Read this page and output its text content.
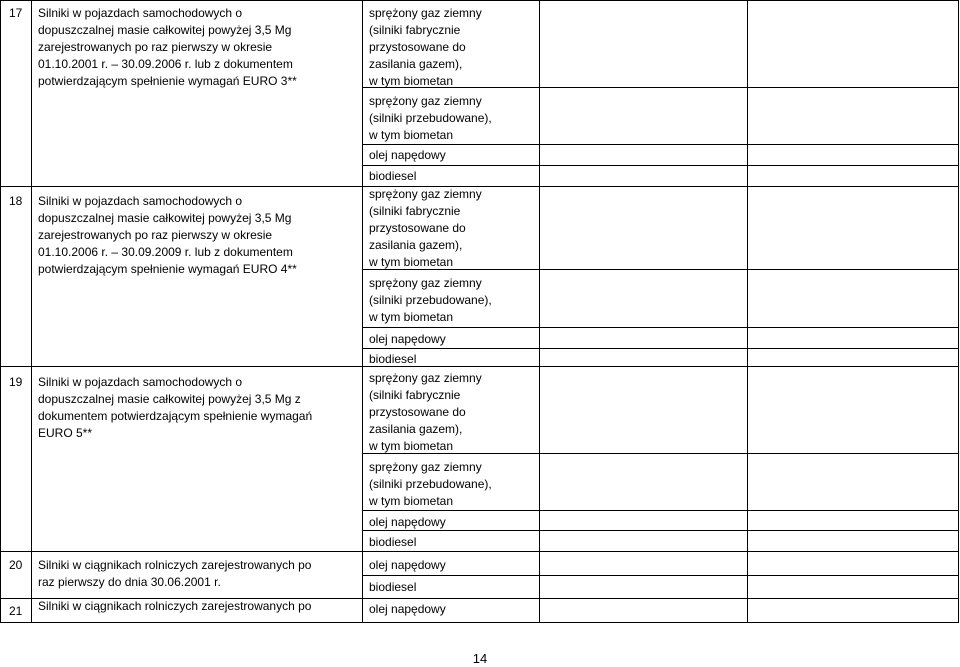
17 Silniki w pojazdach samochodowych o
dopuszczalnej masie całkowitej powyżej 3,5 Mg
zarejestrowanych po raz pierwszy w okresie
01.10.2001 r. – 30.09.2006 r. lub z dokumentem
potwierdzającym spełnienie wymagań EURO 3**
sprężony gaz ziemny
(silniki fabrycznie
przystosowane do
zasilania gazem),
w tym biometan
sprężony gaz ziemny
(silniki przebudowane),
w tym biometan
olej napędowy
biodiesel
18 Silniki w pojazdach samochodowych o
dopuszczalnej masie całkowitej powyżej 3,5 Mg
zarejestrowanych po raz pierwszy w okresie
01.10.2006 r. – 30.09.2009 r. lub z dokumentem
potwierdzającym spełnienie wymagań EURO 4**
sprężony gaz ziemny
(silniki fabrycznie
przystosowane do
zasilania gazem),
w tym biometan
sprężony gaz ziemny
(silniki przebudowane),
w tym biometan
olej napędowy
biodiesel
19 Silniki w pojazdach samochodowych o
dopuszczalnej masie całkowitej powyżej 3,5 Mg z
dokumentem potwierdzającym spełnienie wymagań
EURO 5**
sprężony gaz ziemny
(silniki fabrycznie
przystosowane do
zasilania gazem),
w tym biometan
sprężony gaz ziemny
(silniki przebudowane),
w tym biometan
olej napędowy
biodiesel
20 Silniki w ciągnikach rolniczych zarejestrowanych po
raz pierwszy do dnia 30.06.2001 r.
olej napędowy
biodiesel
21 Silniki w ciągnikach rolniczych zarejestrowanych po	olej napędowy
14
